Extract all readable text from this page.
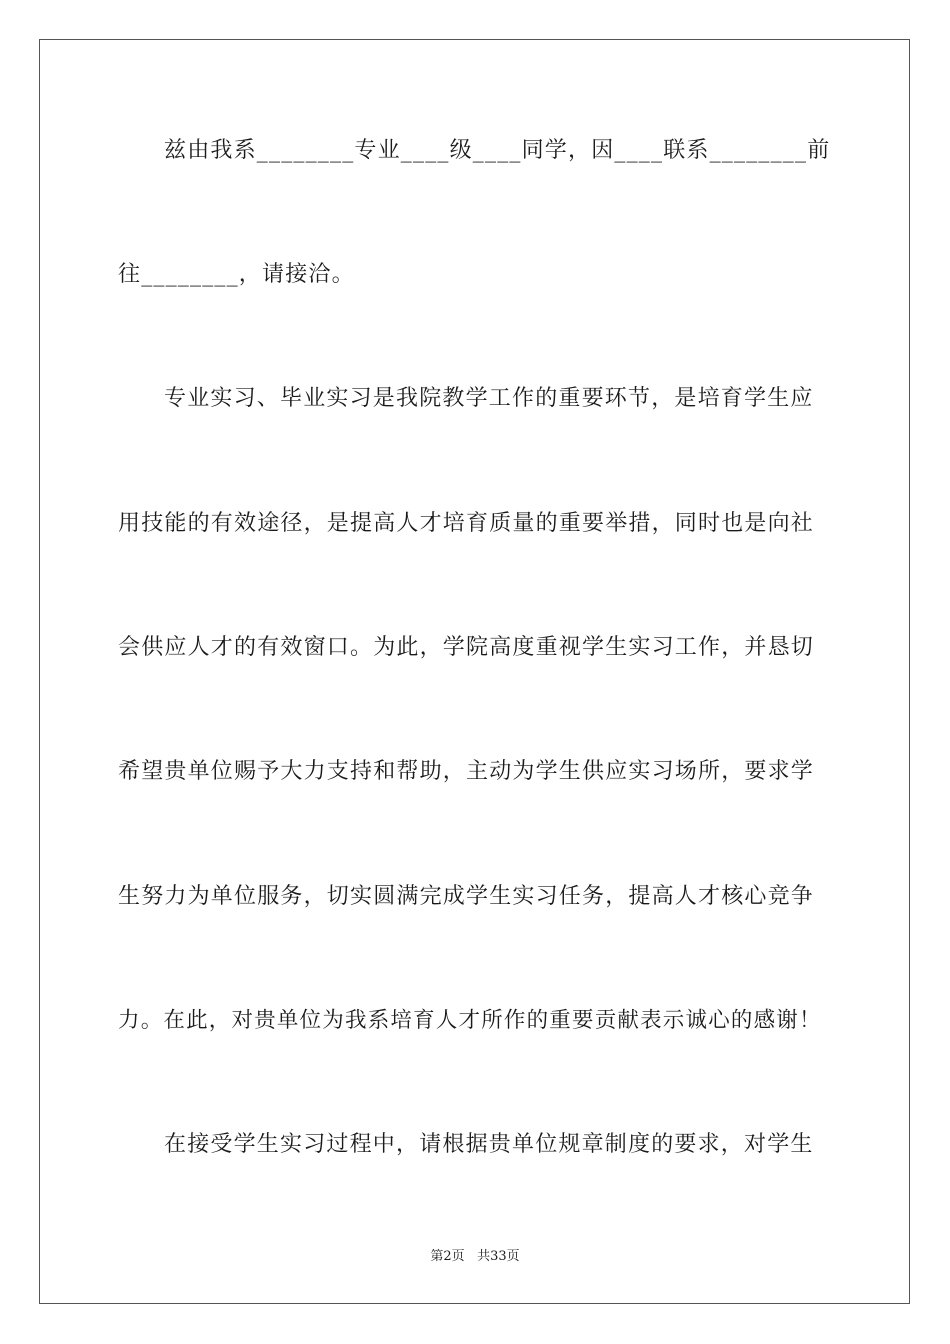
兹由我系________专业____级____同学，因____联系________前
往________，请接洽。
专业实习、毕业实习是我院教学工作的重要环节，是培育学生应
用技能的有效途径，是提高人才培育质量的重要举措，同时也是向社
会供应人才的有效窗口。为此，学院高度重视学生实习工作，并恳切
希望贵单位赐予大力支持和帮助，主动为学生供应实习场所，要求学
生努力为单位服务，切实圆满完成学生实习任务，提高人才核心竞争
力。在此，对贵单位为我系培育人才所作的重要贡献表示诚心的感谢！
在接受学生实习过程中，请根据贵单位规章制度的要求，对学生
第2页 共33页
